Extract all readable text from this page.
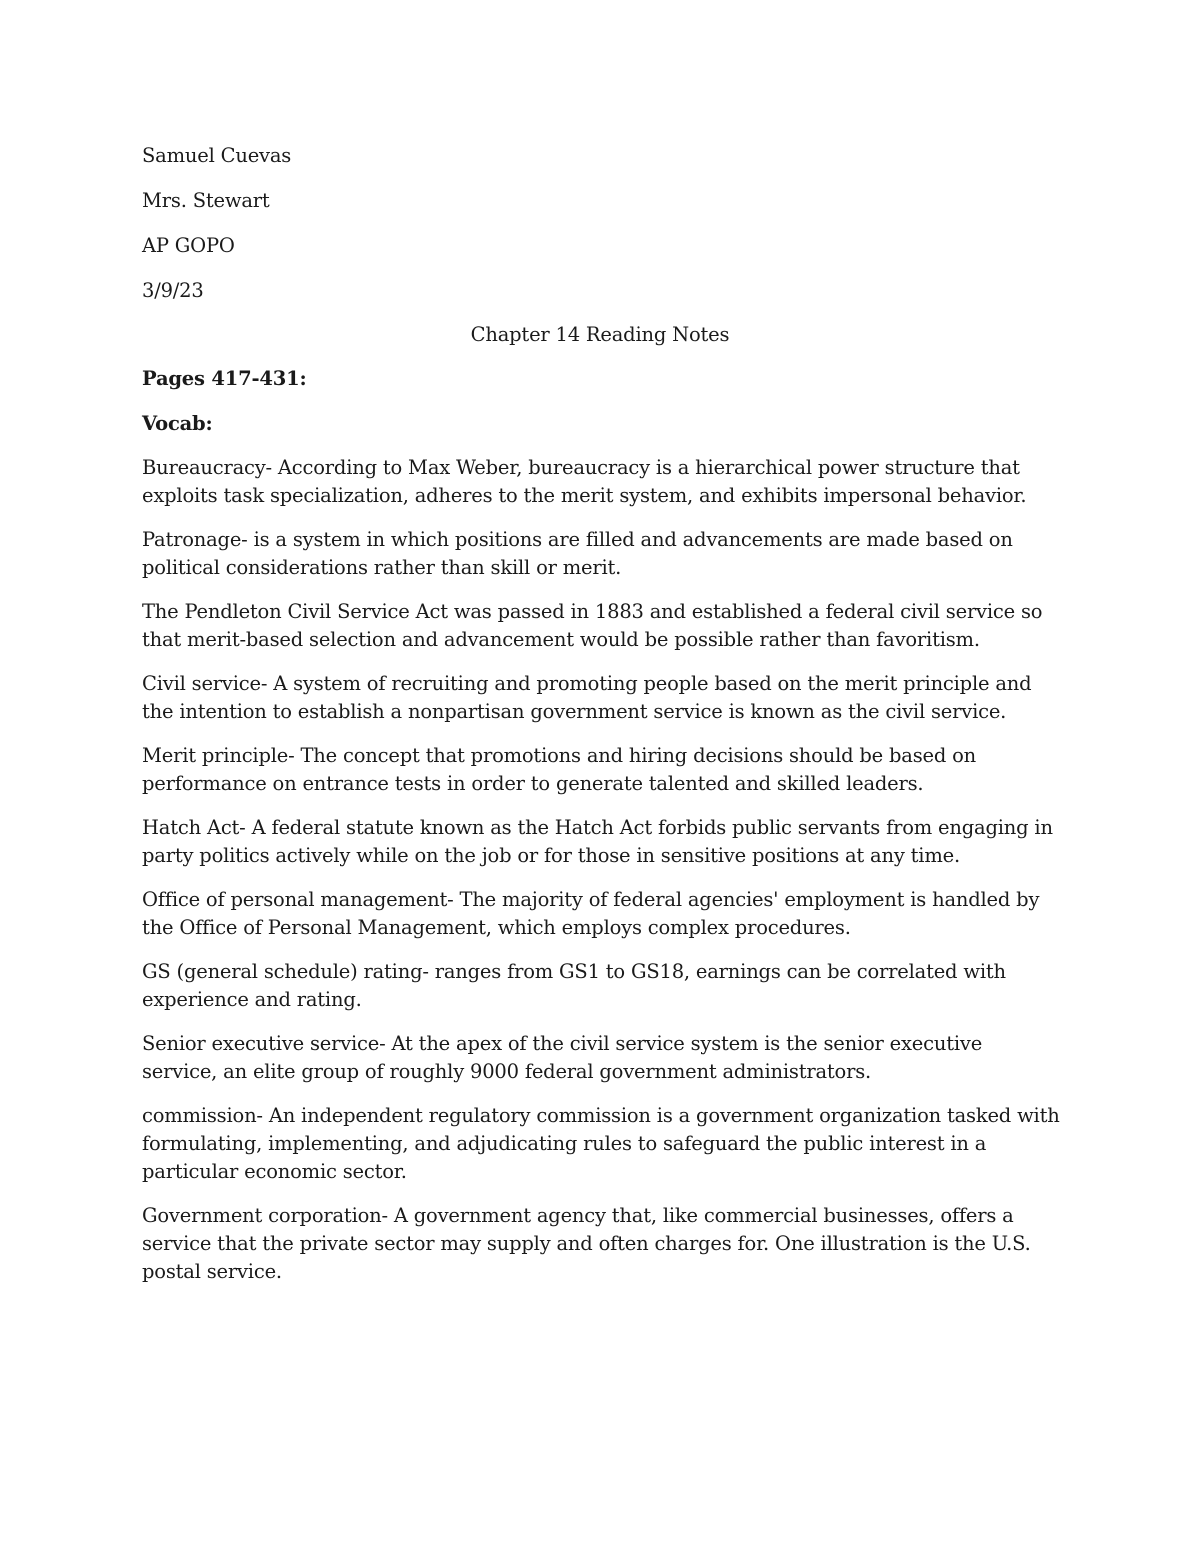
Samuel Cuevas

Mrs. Stewart

AP GOPO

3/9/23

Chapter 14 Reading Notes

Pages 417-431:

Vocab:

Bureaucracy- According to Max Weber, bureaucracy is a hierarchical power structure that exploits task specialization, adheres to the merit system, and exhibits impersonal behavior.

Patronage- is a system in which positions are filled and advancements are made based on political considerations rather than skill or merit.

The Pendleton Civil Service Act was passed in 1883 and established a federal civil service so that merit-based selection and advancement would be possible rather than favoritism.

Civil service- A system of recruiting and promoting people based on the merit principle and the intention to establish a nonpartisan government service is known as the civil service.

Merit principle- The concept that promotions and hiring decisions should be based on performance on entrance tests in order to generate talented and skilled leaders.

Hatch Act- A federal statute known as the Hatch Act forbids public servants from engaging in party politics actively while on the job or for those in sensitive positions at any time.

Office of personal management- The majority of federal agencies' employment is handled by the Office of Personal Management, which employs complex procedures.

GS (general schedule) rating- ranges from GS1 to GS18, earnings can be correlated with experience and rating.

Senior executive service- At the apex of the civil service system is the senior executive service, an elite group of roughly 9000 federal government administrators.

commission- An independent regulatory commission is a government organization tasked with formulating, implementing, and adjudicating rules to safeguard the public interest in a particular economic sector.

Government corporation- A government agency that, like commercial businesses, offers a service that the private sector may supply and often charges for. One illustration is the U.S. postal service.
